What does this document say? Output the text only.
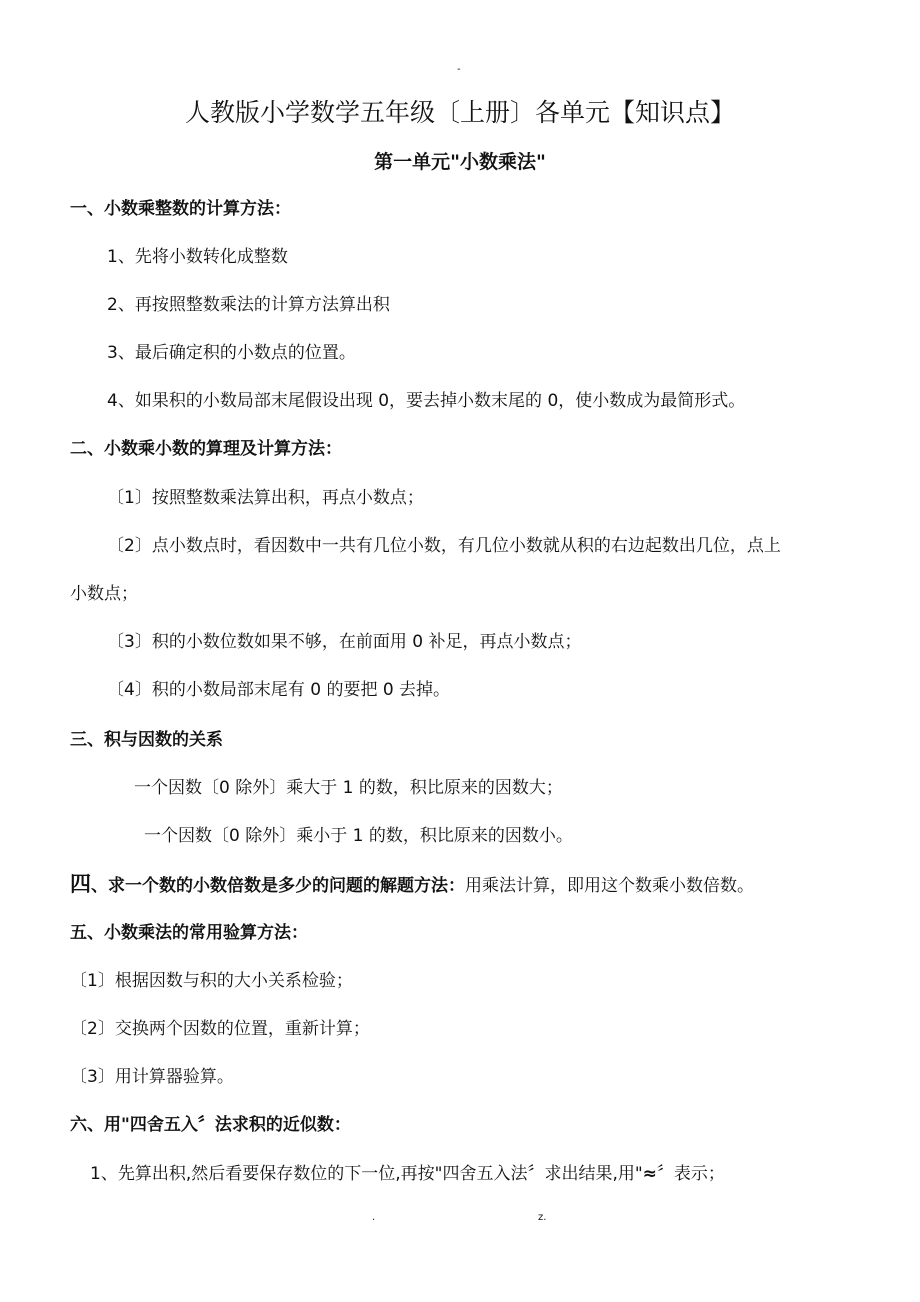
-
人教版小学数学五年级〔上册〕各单元【知识点】
第一单元"小数乘法"
一、小数乘整数的计算方法：
1、先将小数转化成整数
2、再按照整数乘法的计算方法算出积
3、最后确定积的小数点的位置。
4、如果积的小数局部末尾假设出现 0，要去掉小数末尾的 0，使小数成为最简形式。
二、小数乘小数的算理及计算方法：
〔1〕按照整数乘法算出积，再点小数点；
〔2〕点小数点时，看因数中一共有几位小数，有几位小数就从积的右边起数出几位，点上
小数点；
〔3〕积的小数位数如果不够，在前面用 0 补足，再点小数点；
〔4〕积的小数局部末尾有 0 的要把 0 去掉。
三、积与因数的关系
一个因数〔0 除外〕乘大于 1 的数，积比原来的因数大；
一个因数〔0 除外〕乘小于 1 的数，积比原来的因数小。
四、求一个数的小数倍数是多少的问题的解题方法：用乘法计算，即用这个数乘小数倍数。
五、小数乘法的常用验算方法：
〔1〕根据因数与积的大小关系检验；
〔2〕交换两个因数的位置，重新计算；
〔3〕用计算器验算。
六、用"四舍五入〞法求积的近似数：
1、先算出积,然后看要保存数位的下一位,再按"四舍五入法〞求出结果,用"≈〞表示；
.	z.
